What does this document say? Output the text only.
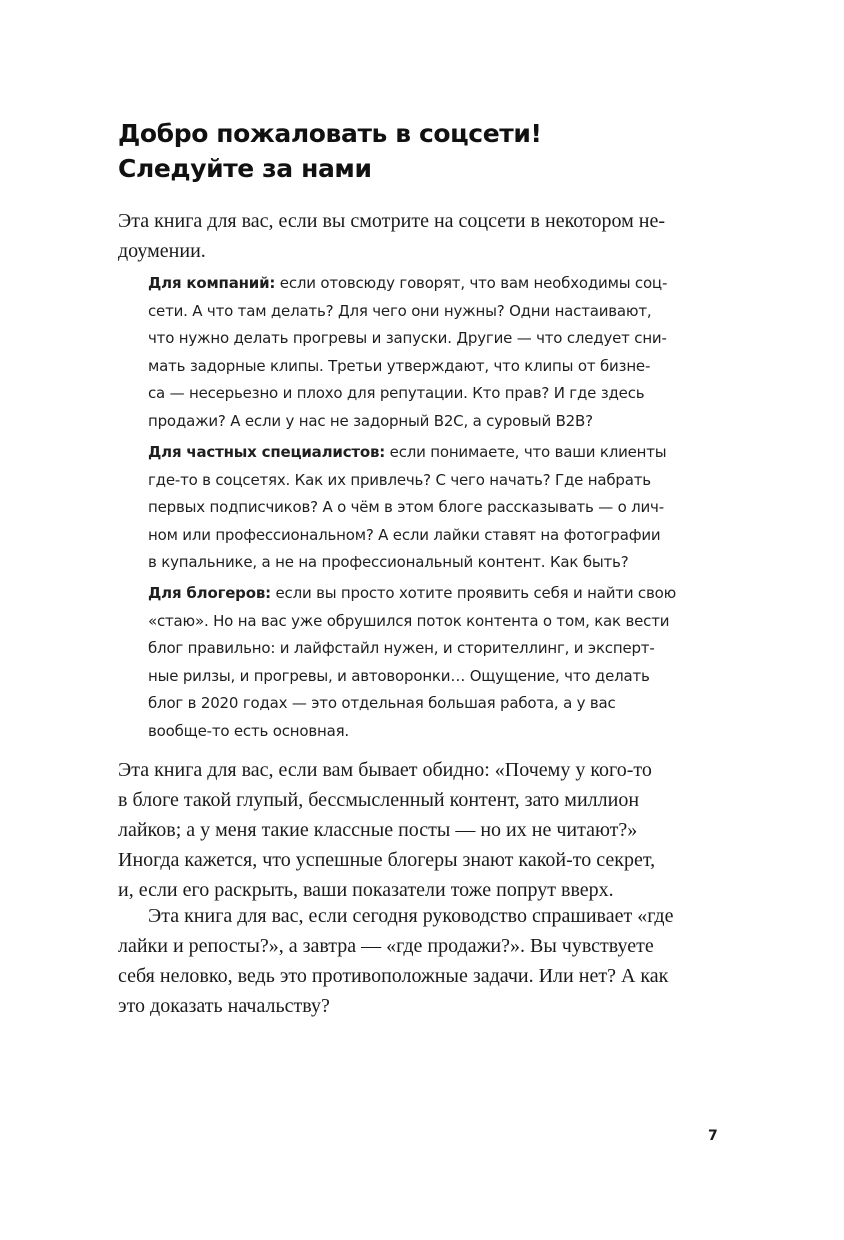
Добро пожаловать в соцсети!
Следуйте за нами

Эта книга для вас, если вы смотрите на соцсети в некотором не-
доумении.

Для компаний: если отовсюду говорят, что вам необходимы соц-
сети. А что там делать? Для чего они нужны? Одни настаивают,
что нужно делать прогревы и запуски. Другие — что следует сни-
мать задорные клипы. Третьи утверждают, что клипы от бизне-
са — несерьезно и плохо для репутации. Кто прав? И где здесь
продажи? А если у нас не задорный B2C, а суровый B2B?

Для частных специалистов: если понимаете, что ваши клиенты
где-то в соцсетях. Как их привлечь? С чего начать? Где набрать
первых подписчиков? А о чём в этом блоге рассказывать — о лич-
ном или профессиональном? А если лайки ставят на фотографии
в купальнике, а не на профессиональный контент. Как быть?

Для блогеров: если вы просто хотите проявить себя и найти свою
«стаю». Но на вас уже обрушился поток контента о том, как вести
блог правильно: и лайфстайл нужен, и сторителлинг, и эксперт-
ные рилзы, и прогревы, и автоворонки… Ощущение, что делать
блог в 2020 годах — это отдельная большая работа, а у вас
вообще-то есть основная.

Эта книга для вас, если вам бывает обидно: «Почему у кого-то
в блоге такой глупый, бессмысленный контент, зато миллион
лайков; а у меня такие классные посты — но их не читают?»
Иногда кажется, что успешные блогеры знают какой-то секрет,
и, если его раскрыть, ваши показатели тоже попрут вверх.

Эта книга для вас, если сегодня руководство спрашивает «где
лайки и репосты?», а завтра — «где продажи?». Вы чувствуете
себя неловко, ведь это противоположные задачи. Или нет? А как
это доказать начальству?

7
